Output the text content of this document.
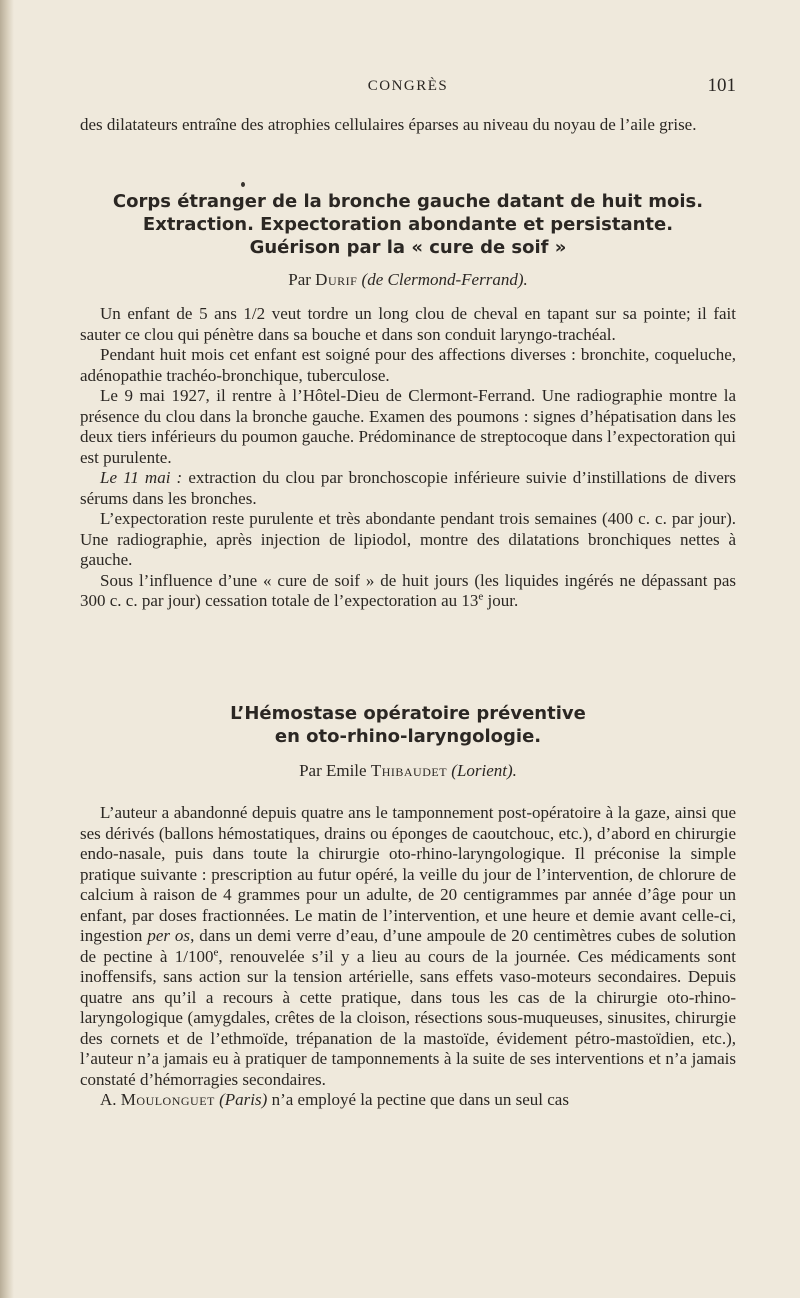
CONGRÈS	101

des dilatateurs entraîne des atrophies cellulaires éparses au niveau du noyau de l’aile grise.

Corps étranger de la bronche gauche datant de huit mois.
Extraction. Expectoration abondante et persistante.
Guérison par la « cure de soif »

Par Durif (de Clermond-Ferrand).

Un enfant de 5 ans 1/2 veut tordre un long clou de cheval en tapant sur sa pointe; il fait sauter ce clou qui pénètre dans sa bouche et dans son conduit laryngo-trachéal.

Pendant huit mois cet enfant est soigné pour des affections diverses : bronchite, coqueluche, adénopathie trachéo-bronchique, tuberculose.

Le 9 mai 1927, il rentre à l’Hôtel-Dieu de Clermont-Ferrand. Une radiographie montre la présence du clou dans la bronche gauche. Examen des poumons : signes d’hépatisation dans les deux tiers inférieurs du poumon gauche. Prédominance de streptocoque dans l’expectoration qui est purulente.

Le 11 mai : extraction du clou par bronchoscopie inférieure suivie d’instillations de divers sérums dans les bronches.

L’expectoration reste purulente et très abondante pendant trois semaines (400 c. c. par jour). Une radiographie, après injection de lipiodol, montre des dilatations bronchiques nettes à gauche.

Sous l’influence d’une « cure de soif » de huit jours (les liquides ingérés ne dépassant pas 300 c. c. par jour) cessation totale de l’expectoration au 13e jour.

L’Hémostase opératoire préventive
en oto-rhino-laryngologie.

Par Emile Thibaudet (Lorient).

L’auteur a abandonné depuis quatre ans le tamponnement post-opératoire à la gaze, ainsi que ses dérivés (ballons hémostatiques, drains ou éponges de caoutchouc, etc.), d’abord en chirurgie endo-nasale, puis dans toute la chirurgie oto-rhino-laryngologique. Il préconise la simple pratique suivante : prescription au futur opéré, la veille du jour de l’intervention, de chlorure de calcium à raison de 4 grammes pour un adulte, de 20 centigrammes par année d’âge pour un enfant, par doses fractionnées. Le matin de l’intervention, et une heure et demie avant celle-ci, ingestion per os, dans un demi verre d’eau, d’une ampoule de 20 centimètres cubes de solution de pectine à 1/100e, renouvelée s’il y a lieu au cours de la journée. Ces médicaments sont inoffensifs, sans action sur la tension artérielle, sans effets vaso-moteurs secondaires. Depuis quatre ans qu’il a recours à cette pratique, dans tous les cas de la chirurgie oto-rhino-laryngologique (amygdales, crêtes de la cloison, résections sous-muqueuses, sinusites, chirurgie des cornets et de l’ethmoïde, trépanation de la mastoïde, évidement pétro-mastoïdien, etc.), l’auteur n’a jamais eu à pratiquer de tamponnements à la suite de ses interventions et n’a jamais constaté d’hémorragies secondaires.

A. Moulonguet (Paris) n’a employé la pectine que dans un seul cas
